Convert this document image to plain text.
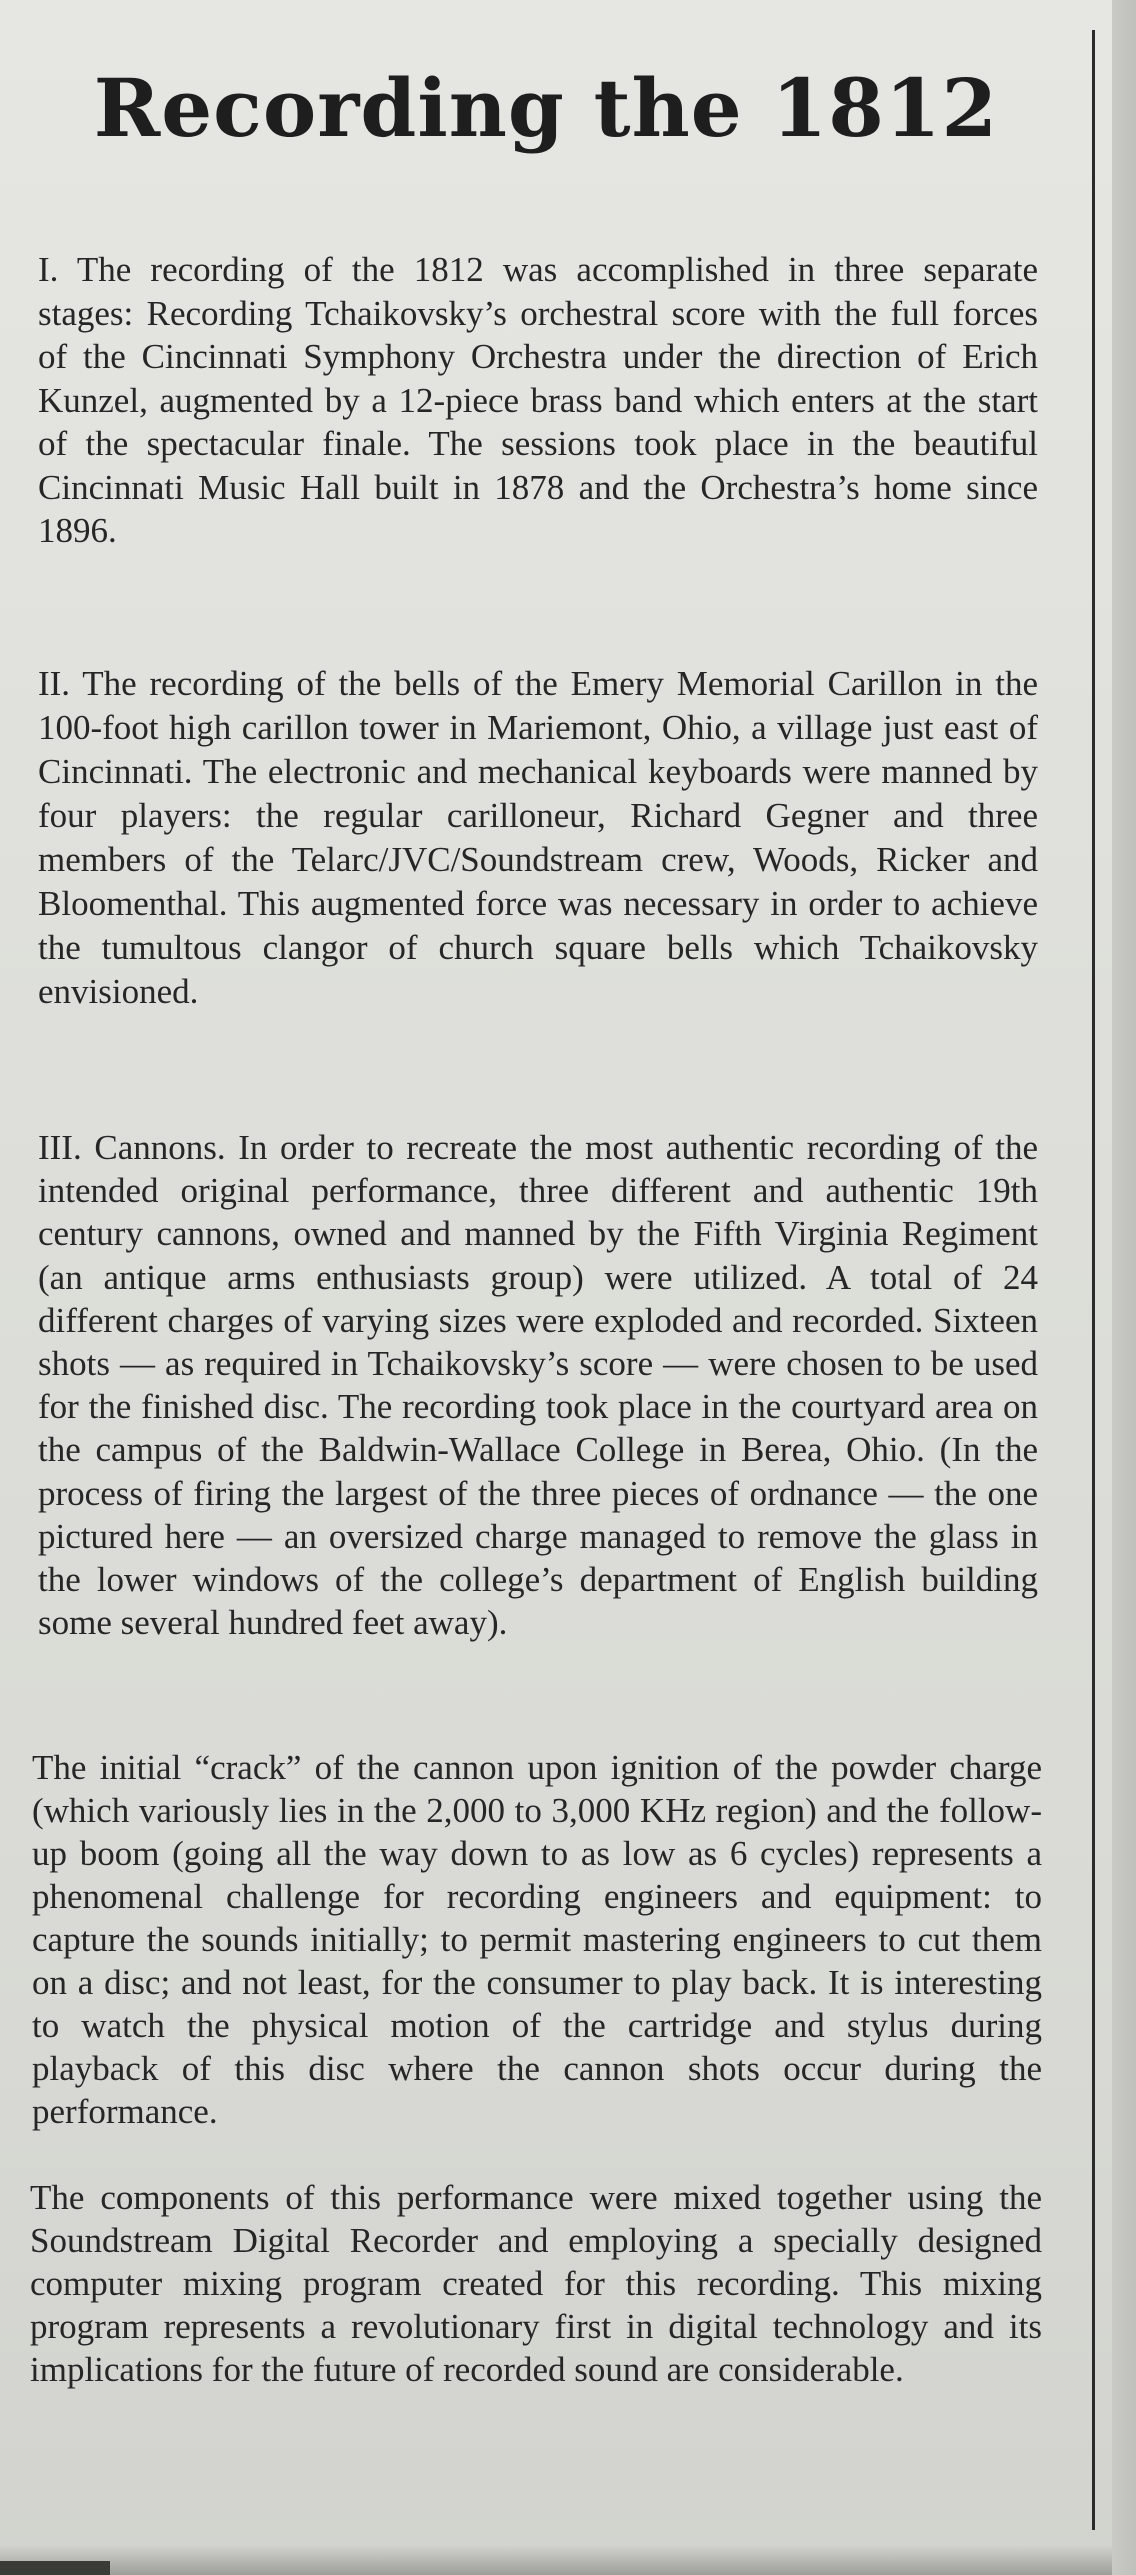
Recording the 1812

I. The recording of the 1812 was accomplished in three separate stages: Recording Tchaikovsky’s orchestral score with the full forces of the Cincinnati Symphony Orchestra under the direction of Erich Kunzel, augmented by a 12-piece brass band which enters at the start of the spectacular finale. The sessions took place in the beautiful Cincinnati Music Hall built in 1878 and the Orchestra’s home since 1896.

II. The recording of the bells of the Emery Memorial Carillon in the 100-foot high carillon tower in Mariemont, Ohio, a village just east of Cincinnati. The electronic and mechanical keyboards were manned by four players: the regular carilloneur, Richard Gegner and three members of the Telarc/JVC/Soundstream crew, Woods, Ricker and Bloomenthal. This augmented force was necessary in order to achieve the tumultous clangor of church square bells which Tchaikovsky envisioned.

III. Cannons. In order to recreate the most authentic recording of the intended original performance, three different and authentic 19th century cannons, owned and manned by the Fifth Virginia Regiment (an antique arms enthusiasts group) were utilized. A total of 24 different charges of varying sizes were exploded and recorded. Sixteen shots — as required in Tchaikovsky’s score — were chosen to be used for the finished disc. The recording took place in the courtyard area on the campus of the Baldwin-Wallace College in Berea, Ohio. (In the process of firing the largest of the three pieces of ordnance — the one pictured here — an oversized charge managed to remove the glass in the lower windows of the college’s department of English building some several hundred feet away).

The initial “crack” of the cannon upon ignition of the powder charge (which variously lies in the 2,000 to 3,000 KHz region) and the follow-up boom (going all the way down to as low as 6 cycles) represents a phenomenal challenge for recording engineers and equipment: to capture the sounds initially; to permit mastering engineers to cut them on a disc; and not least, for the consumer to play back. It is interesting to watch the physical motion of the cartridge and stylus during playback of this disc where the cannon shots occur during the performance.

The components of this performance were mixed together using the Soundstream Digital Recorder and employing a specially designed computer mixing program created for this recording. This mixing program represents a revolutionary first in digital technology and its implications for the future of recorded sound are considerable.
